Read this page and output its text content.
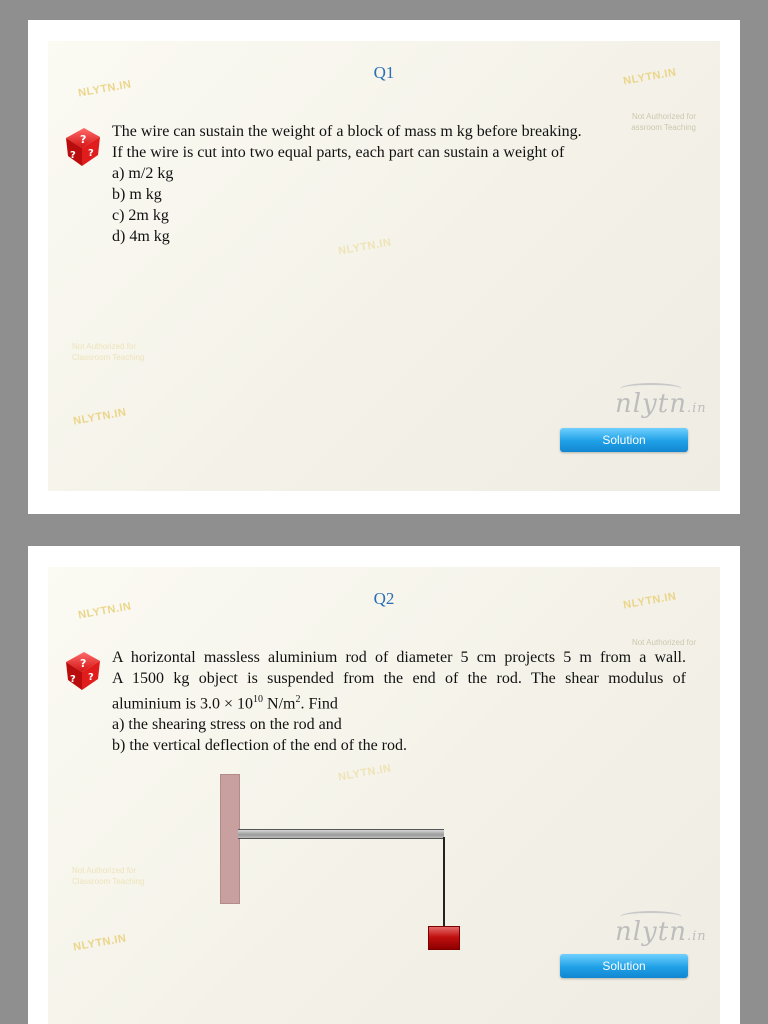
NLYTN.IN
NLYTN.IN
NLYTN.IN
NLYTN.IN
Not Authorized for
assroom Teaching
Not Authorized for
Classroom Teaching
Q1
?
? ?
The wire can sustain the weight of a block of mass m kg before breaking.
If the wire is cut into two equal parts, each part can sustain a weight of
a) m/2 kg
b) m kg
c) 2m kg
d) 4m kg
nlytn.in
Solution
NLYTN.IN	NLYTN.IN
NLYTN.IN
NLYTN.IN
Not Authorized for
Not Authorized for
Classroom Teaching
Q2
?
? ?
A horizontal massless aluminium rod of diameter 5 cm projects 5 m from a wall.
A 1500 kg object is suspended from the end of the rod. The shear modulus of
aluminium is $3.0 \times 10^{10}$ $N/m^2$. Find
a) the shearing stress on the rod and
b) the vertical deflection of the end of the rod.
nlytn.in
Solution
